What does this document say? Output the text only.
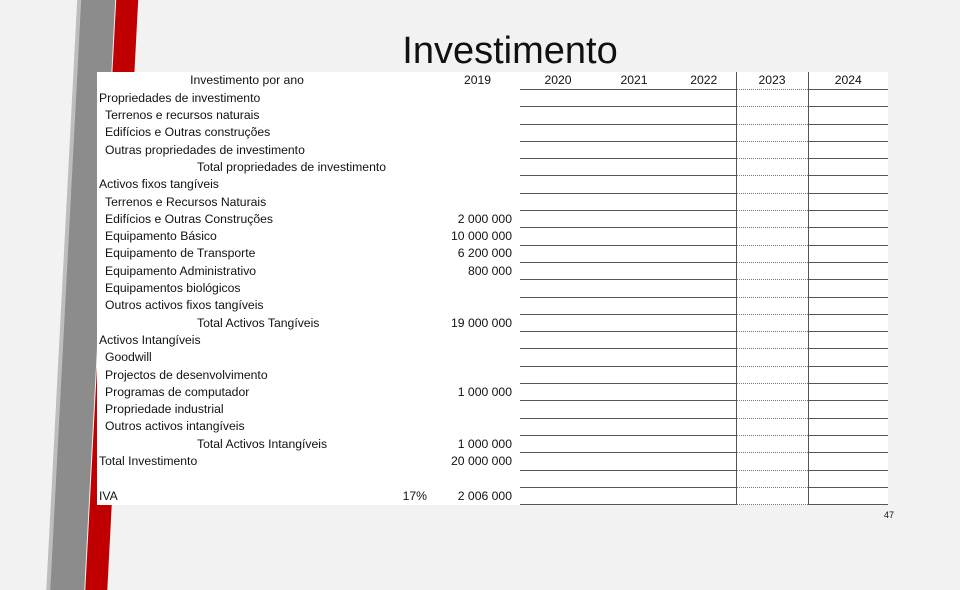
Investimento
Investimento por ano		2019	2020	2021	2022	2023	2024
Propriedades de investimento							
Terrenos e recursos naturais							
Edifícios e Outras construções							
Outras propriedades de investimento							
Total propriedades de investimento							
Activos fixos tangíveis							
Terrenos e Recursos Naturais							
Edifícios e Outras Construções		2 000 000					
Equipamento Básico		10 000 000					
Equipamento de Transporte		6 200 000					
Equipamento Administrativo		800 000					
Equipamentos biológicos							
Outros activos fixos tangíveis							
Total Activos Tangíveis		19 000 000					
Activos Intangíveis							
Goodwill							
Projectos de desenvolvimento							
Programas de computador		1 000 000					
Propriedade industrial							
Outros activos intangíveis							
Total Activos Intangíveis		1 000 000					
Total Investimento		20 000 000					

IVA	17%	2 006 000					
47
